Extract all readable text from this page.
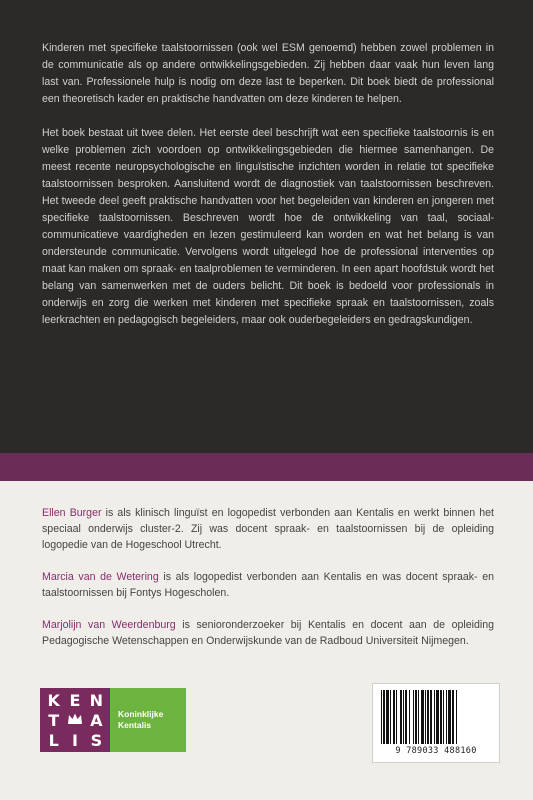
Kinderen met specifieke taalstoornissen (ook wel ESM genoemd) hebben zowel problemen in de communicatie als op andere ontwikkelingsgebieden. Zij hebben daar vaak hun leven lang last van. Professionele hulp is nodig om deze last te beperken. Dit boek biedt de professional een theoretisch kader en praktische handvatten om deze kinderen te helpen.

Het boek bestaat uit twee delen. Het eerste deel beschrijft wat een specifieke taalstoornis is en welke problemen zich voordoen op ontwikkelingsgebieden die hiermee samenhangen. De meest recente neuropsychologische en linguïstische inzichten worden in relatie tot specifieke taalstoornissen besproken. Aansluitend wordt de diagnostiek van taalstoornissen beschreven. Het tweede deel geeft praktische handvatten voor het begeleiden van kinderen en jongeren met specifieke taalstoornissen. Beschreven wordt hoe de ontwikkeling van taal, sociaal-communicatieve vaardigheden en lezen gestimuleerd kan worden en wat het belang is van ondersteunde communicatie. Vervolgens wordt uitgelegd hoe de professional interventies op maat kan maken om spraak- en taalproblemen te verminderen. In een apart hoofdstuk wordt het belang van samenwerken met de ouders belicht. Dit boek is bedoeld voor professionals in onderwijs en zorg die werken met kinderen met specifieke spraak en taalstoornissen, zoals leerkrachten en pedagogisch begeleiders, maar ook ouderbegeleiders en gedragskundigen.

Ellen Burger is als klinisch linguïst en logopedist verbonden aan Kentalis en werkt binnen het speciaal onderwijs cluster-2. Zij was docent spraak- en taalstoornissen bij de opleiding logopedie van de Hogeschool Utrecht.

Marcia van de Wetering is als logopedist verbonden aan Kentalis en was docent spraak- en taalstoornissen bij Fontys Hogescholen.

Marjolijn van Weerdenburg is senioronderzoeker bij Kentalis en docent aan de opleiding Pedagogische Wetenschappen en Onderwijskunde van de Radboud Universiteit Nijmegen.

K E N
T A
L I S
Koninklijke
Kentalis
9 789033 488160
